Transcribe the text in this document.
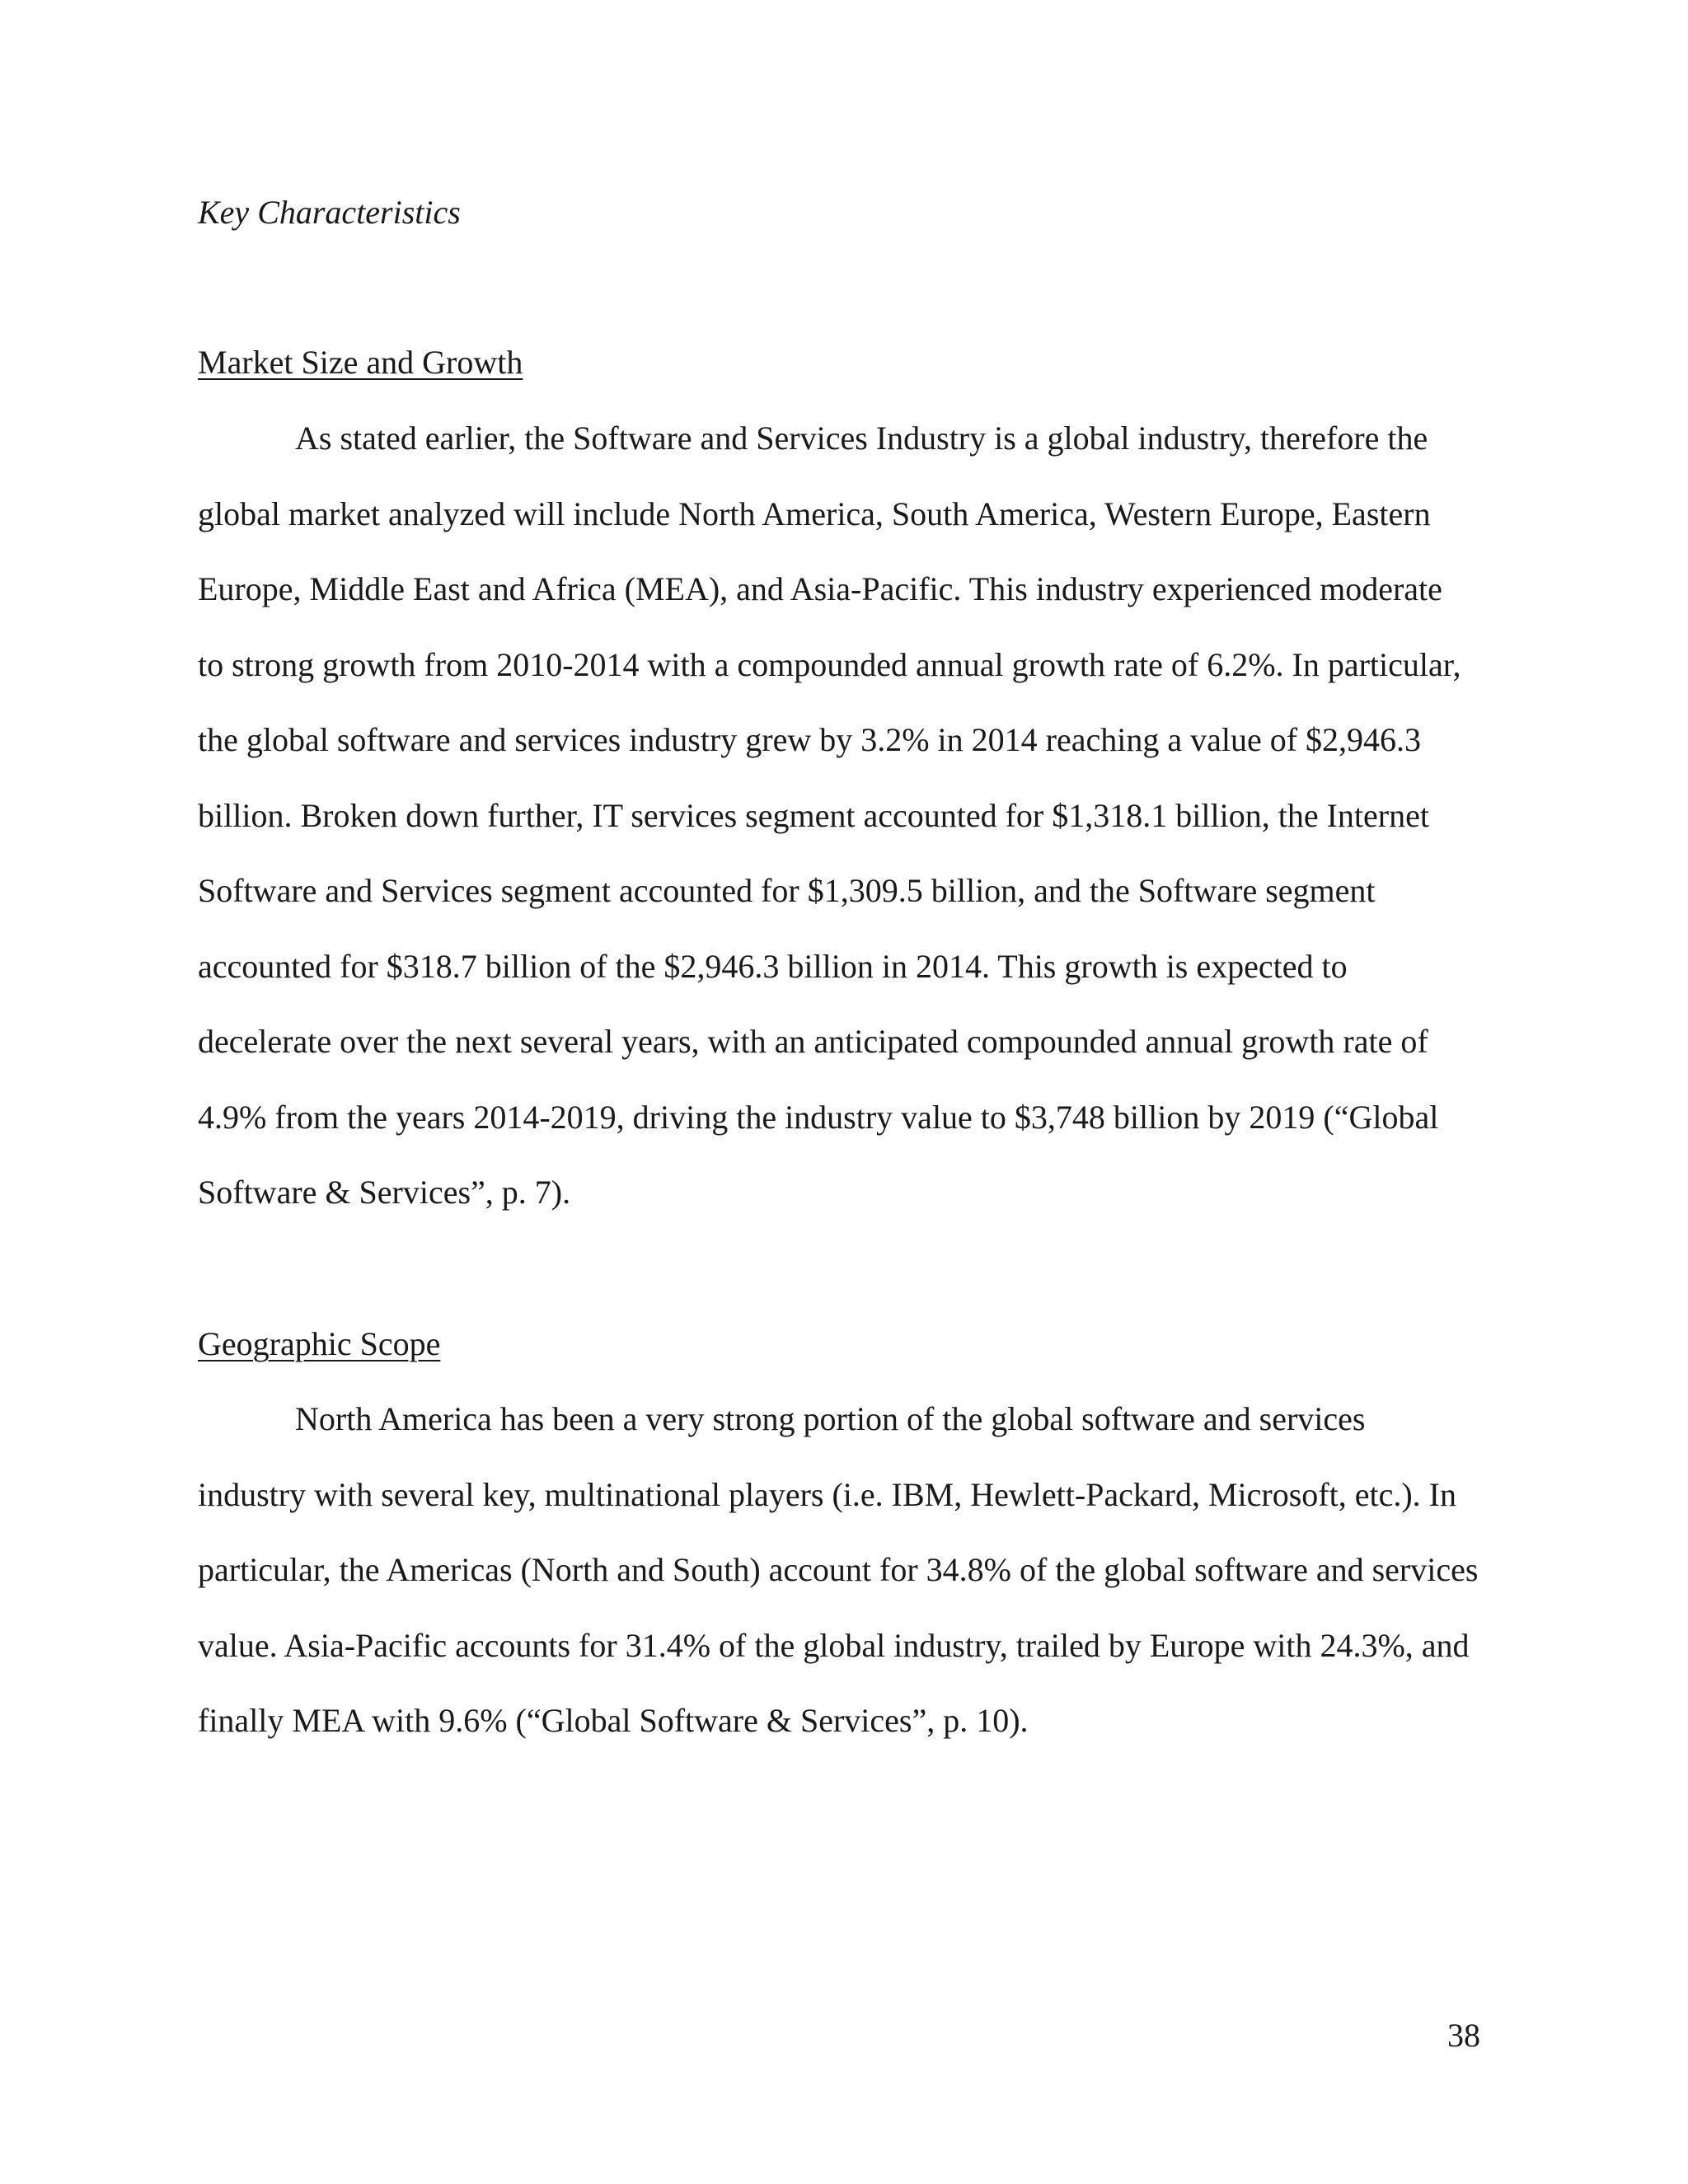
Key Characteristics

Market Size and Growth

As stated earlier, the Software and Services Industry is a global industry, therefore the

global market analyzed will include North America, South America, Western Europe, Eastern

Europe, Middle East and Africa (MEA), and Asia-Pacific. This industry experienced moderate

to strong growth from 2010-2014 with a compounded annual growth rate of 6.2%. In particular,

the global software and services industry grew by 3.2% in 2014 reaching a value of $2,946.3

billion. Broken down further, IT services segment accounted for $1,318.1 billion, the Internet

Software and Services segment accounted for $1,309.5 billion, and the Software segment

accounted for $318.7 billion of the $2,946.3 billion in 2014. This growth is expected to

decelerate over the next several years, with an anticipated compounded annual growth rate of

4.9% from the years 2014-2019, driving the industry value to $3,748 billion by 2019 (“Global

Software & Services”, p. 7).

Geographic Scope

North America has been a very strong portion of the global software and services

industry with several key, multinational players (i.e. IBM, Hewlett-Packard, Microsoft, etc.). In

particular, the Americas (North and South) account for 34.8% of the global software and services

value. Asia-Pacific accounts for 31.4% of the global industry, trailed by Europe with 24.3%, and

finally MEA with 9.6% (“Global Software & Services”, p. 10).

38
